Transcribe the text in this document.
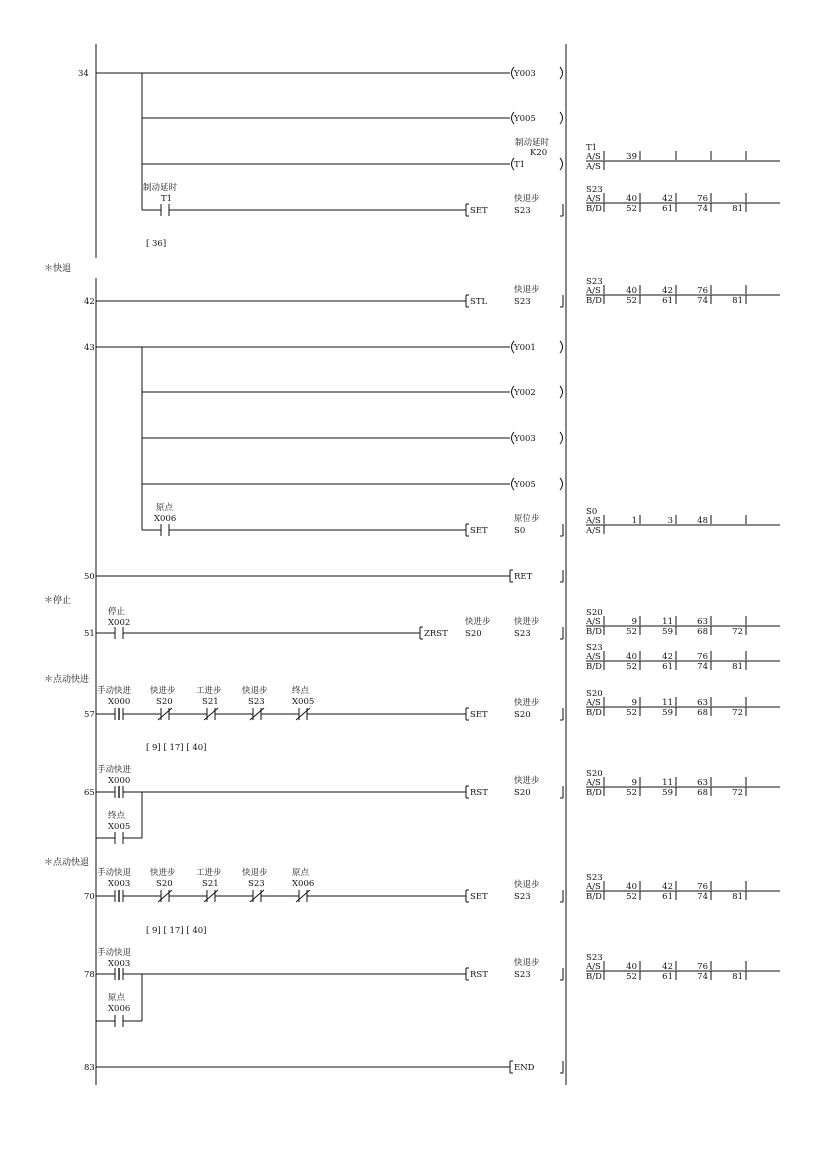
＊快退
＊停止
＊点动快进
＊点动快退
34	Y003
Y005
制动延时
K20
T1
制动延时
T1
SET
快退步
S23
[ 36]
42	STL
快退步
S23
43	Y001
Y002
Y003
Y005
原点
X006
SET
原位步
S0
50	RET
51
停止
X002
ZRST
快进步
S20
快进步
S23
57
手动快进
X000
快进步
S20
工进步
S21
快退步
S23
终点
X005
SET
快进步
S20
[ 9] [ 17] [ 40]
65
手动快进
X000
终点
X005
RST
快进步
S20
70
手动快退
X003
快进步
S20
工进步
S21
快退步
S23
原点
X006
SET
快退步
S23
[ 9] [ 17] [ 40]
78
手动快退
X003
原点
X006
RST
快退步
S23
83	END
T1
A/S	39
A/S
S23
A/S	40	42	76
B/D	52	61	74	81
S23
A/S	40	42	76
B/D	52	61	74	81
S0
A/S	1	3	48
A/S
S20
A/S	9	11	63
B/D	52	59	68	72
S23
A/S	40	42	76
B/D	52	61	74	81
S20
A/S	9	11	63
B/D	52	59	68	72
S20
A/S	9	11	63
B/D	52	59	68	72
S23
A/S	40	42	76
B/D	52	61	74	81
S23
A/S	40	42	76
B/D	52	61	74	81
